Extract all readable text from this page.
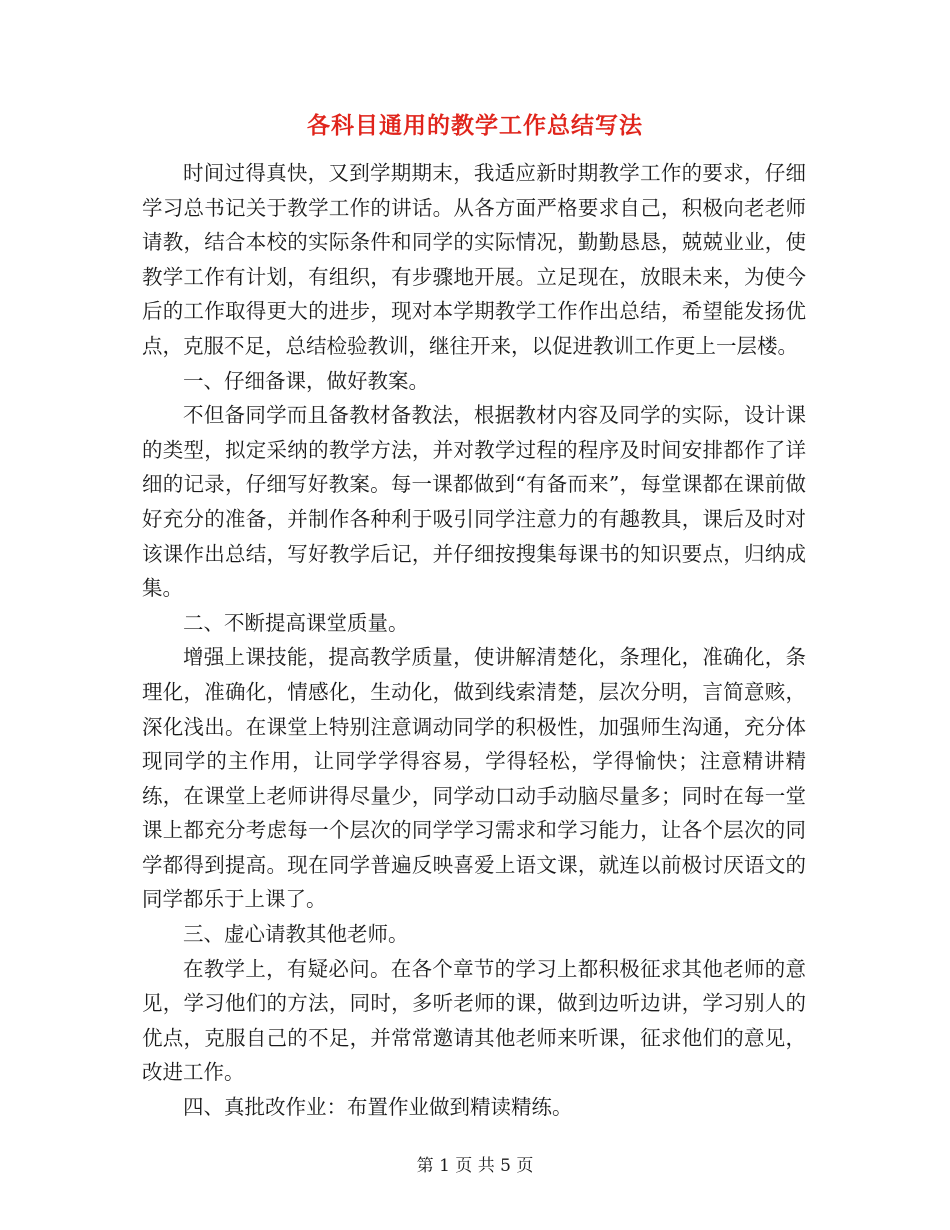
各科目通用的教学工作总结写法

时间过得真快，又到学期期末，我适应新时期教学工作的要求，仔细学习总书记关于教学工作的讲话。从各方面严格要求自己，积极向老老师请教，结合本校的实际条件和同学的实际情况，勤勤恳恳，兢兢业业，使教学工作有计划，有组织，有步骤地开展。立足现在，放眼未来，为使今后的工作取得更大的进步，现对本学期教学工作作出总结，希望能发扬优点，克服不足，总结检验教训，继往开来，以促进教训工作更上一层楼。

一、仔细备课，做好教案。

不但备同学而且备教材备教法，根据教材内容及同学的实际，设计课的类型，拟定采纳的教学方法，并对教学过程的程序及时间安排都作了详细的记录，仔细写好教案。每一课都做到“有备而来”，每堂课都在课前做好充分的准备，并制作各种利于吸引同学注意力的有趣教具，课后及时对该课作出总结，写好教学后记，并仔细按搜集每课书的知识要点，归纳成集。

二、不断提高课堂质量。

增强上课技能，提高教学质量，使讲解清楚化，条理化，准确化，条理化，准确化，情感化，生动化，做到线索清楚，层次分明，言简意赅，深化浅出。在课堂上特别注意调动同学的积极性，加强师生沟通，充分体现同学的主作用，让同学学得容易，学得轻松，学得愉快；注意精讲精练，在课堂上老师讲得尽量少，同学动口动手动脑尽量多；同时在每一堂课上都充分考虑每一个层次的同学学习需求和学习能力，让各个层次的同学都得到提高。现在同学普遍反映喜爱上语文课，就连以前极讨厌语文的同学都乐于上课了。

三、虚心请教其他老师。

在教学上，有疑必问。在各个章节的学习上都积极征求其他老师的意见，学习他们的方法，同时，多听老师的课，做到边听边讲，学习别人的优点，克服自己的不足，并常常邀请其他老师来听课，征求他们的意见，改进工作。

四、真批改作业：布置作业做到精读精练。

第 1 页 共 5 页
